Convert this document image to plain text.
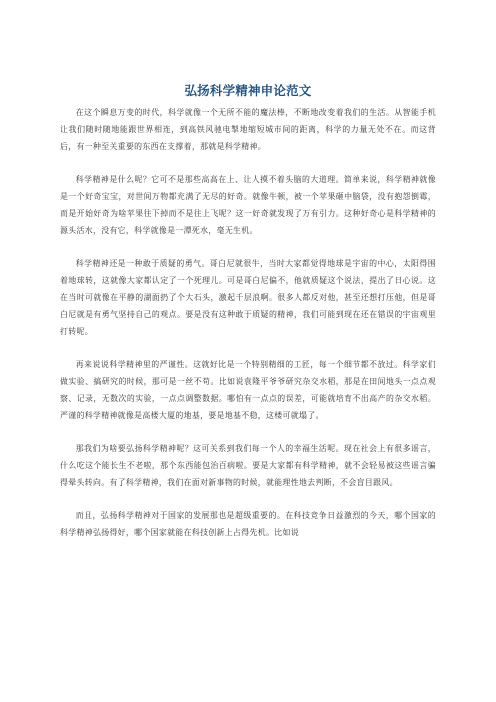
弘扬科学精神申论范文

在这个瞬息万变的时代，科学就像一个无所不能的魔法棒，不断地改变着我们的生活。从智能手机让我们随时随地能跟世界相连，到高铁风驰电掣地缩短城市间的距离，科学的力量无处不在。而这背后，有一种至关重要的东西在支撑着，那就是科学精神。

科学精神是什么呢？它可不是那些高高在上、让人摸不着头脑的大道理。简单来说，科学精神就像是一个好奇宝宝，对世间万物都充满了无尽的好奇。就像牛顿，被一个苹果砸中脑袋，没有抱怨倒霉，而是开始好奇为啥苹果往下掉而不是往上飞呢？这一好奇就发现了万有引力。这种好奇心是科学精神的源头活水，没有它，科学就像是一潭死水，毫无生机。

科学精神还是一种敢于质疑的勇气。哥白尼就很牛，当时大家都觉得地球是宇宙的中心，太阳得围着地球转，这就像大家都认定了一个死理儿。可是哥白尼偏不，他就质疑这个说法，提出了日心说。这在当时可就像在平静的湖面扔了个大石头，激起千层浪啊。很多人都反对他，甚至还想打压他，但是哥白尼就是有勇气坚持自己的观点。要是没有这种敢于质疑的精神，我们可能到现在还在错误的宇宙观里打转呢。

再来说说科学精神里的严谨性。这就好比是一个特别精细的工匠，每一个细节都不放过。科学家们做实验、搞研究的时候，那可是一丝不苟。比如说袁隆平爷爷研究杂交水稻，那是在田间地头一点点观察、记录，无数次的实验，一点点调整数据。哪怕有一点点的误差，可能就培育不出高产的杂交水稻。严谨的科学精神就像是高楼大厦的地基，要是地基不稳，这楼可就塌了。

那我们为啥要弘扬科学精神呢？这可关系到我们每一个人的幸福生活呢。现在社会上有很多谣言，什么吃这个能长生不老啦，那个东西能包治百病啦。要是大家都有科学精神，就不会轻易被这些谣言骗得晕头转向。有了科学精神，我们在面对新事物的时候，就能理性地去判断，不会盲目跟风。

而且，弘扬科学精神对于国家的发展那也是超级重要的。在科技竞争日益激烈的今天，哪个国家的科学精神弘扬得好，哪个国家就能在科技创新上占得先机。比如说
